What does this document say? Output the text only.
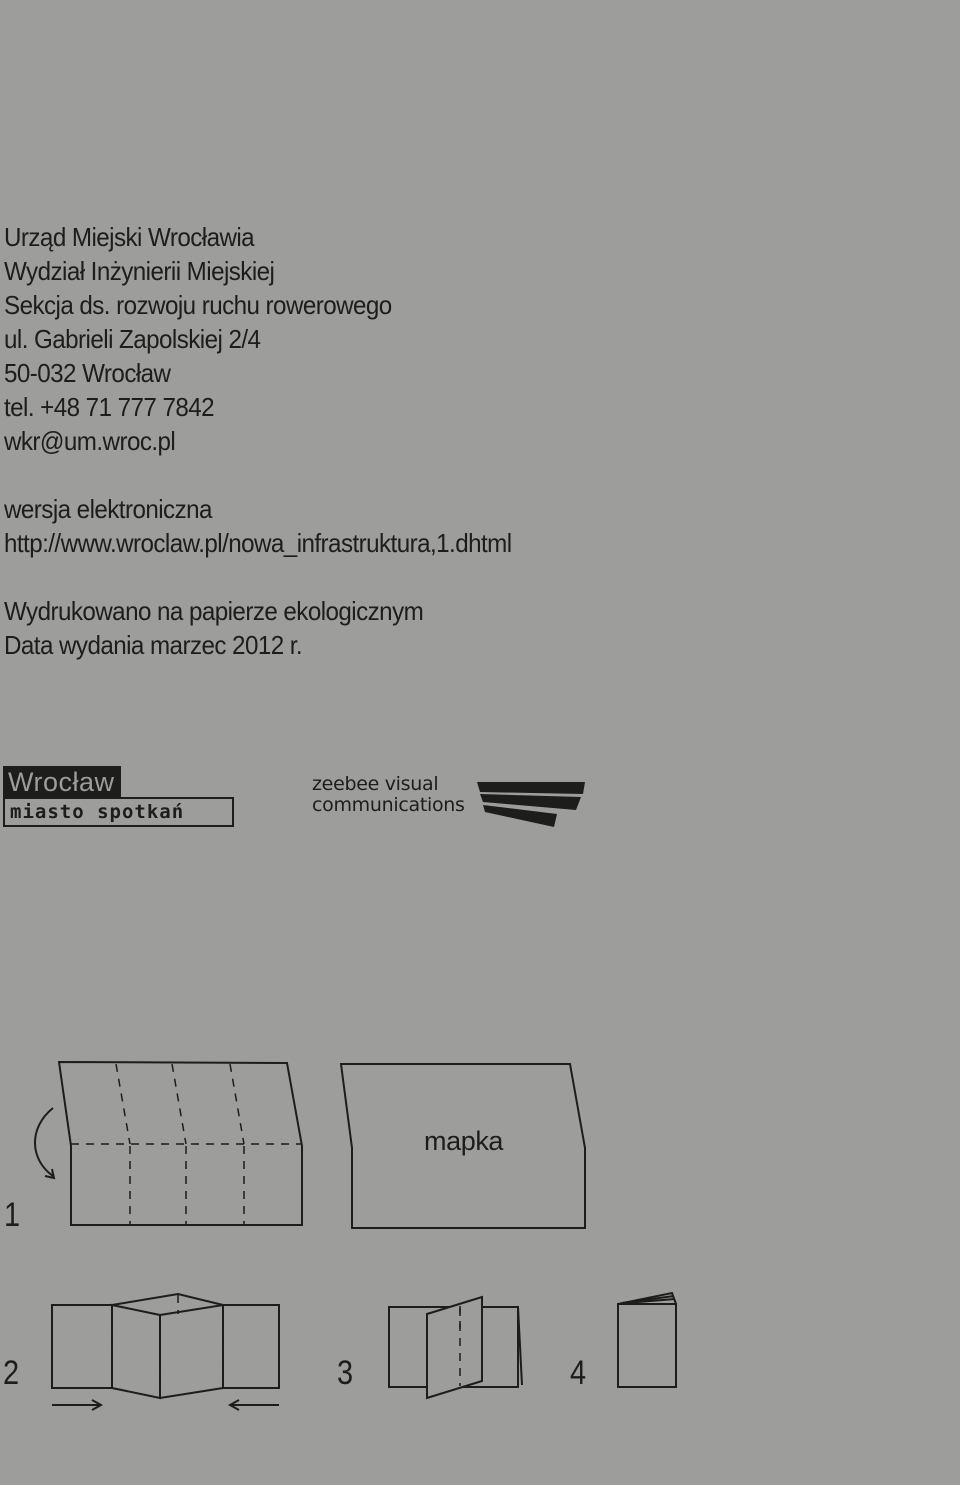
Urząd Miejski Wrocławia
Wydział Inżynierii Miejskiej
Sekcja ds. rozwoju ruchu rowerowego
ul. Gabrieli Zapolskiej 2/4
50-032 Wrocław
tel. +48 71 777 7842
wkr@um.wroc.pl
wersja elektroniczna
http://www.wroclaw.pl/nowa_infrastruktura,1.dhtml
Wydrukowano na papierze ekologicznym
Data wydania marzec 2012 r.
Wrocław
miasto spotkań
zeebee visual
communications
mapka
1
2	3	4
